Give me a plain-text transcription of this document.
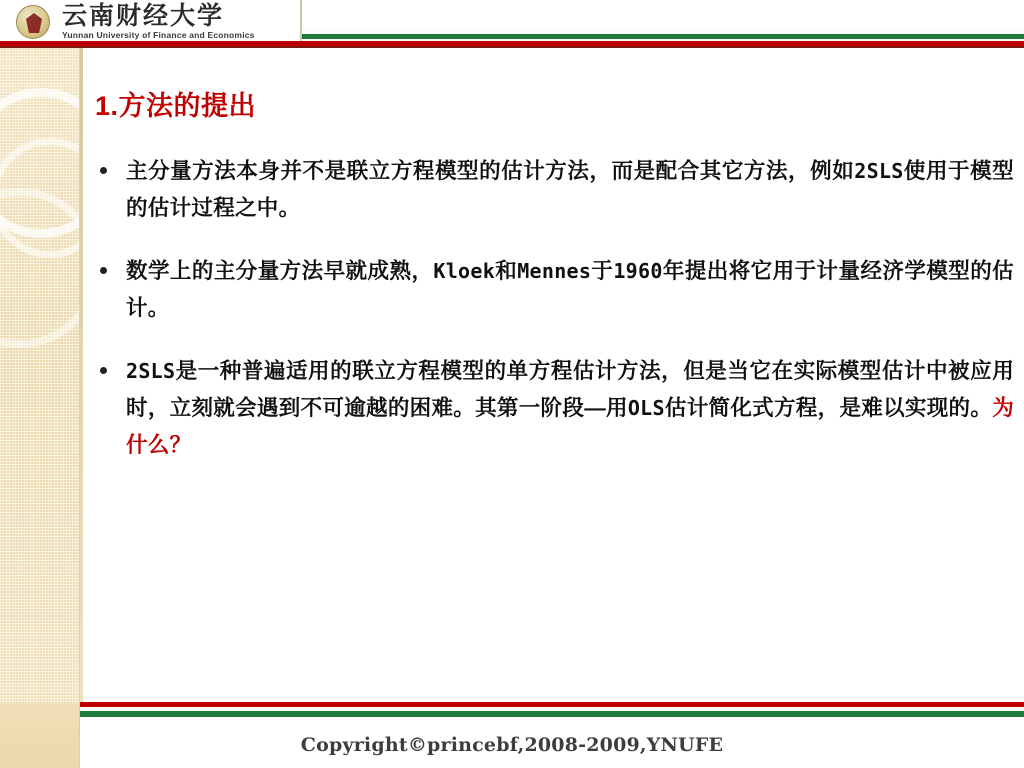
云南财经大学
Yunnan University of Finance and Economics
1.方法的提出
主分量方法本身并不是联立方程模型的估计方法，而是配合其它方法，例如2SLS使用于模型的估计过程之中。
数学上的主分量方法早就成熟，Kloek和Mennes于1960年提出将它用于计量经济学模型的估计。
2SLS是一种普遍适用的联立方程模型的单方程估计方法，但是当它在实际模型估计中被应用时，立刻就会遇到不可逾越的困难。其第一阶段—用OLS估计简化式方程，是难以实现的。为什么？
Copyright©princebf,2008-2009,YNUFE
